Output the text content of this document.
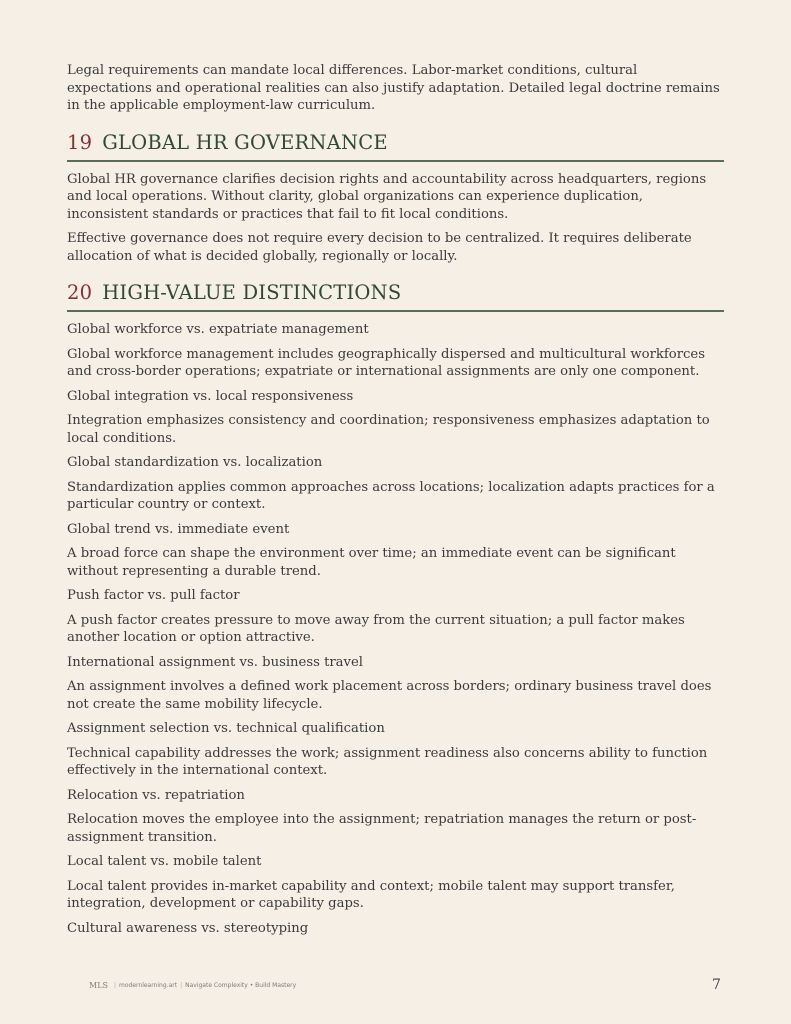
Legal requirements can mandate local differences. Labor-market conditions, cultural expectations and operational realities can also justify adaptation. Detailed legal doctrine remains in the applicable employment-law curriculum.

19 GLOBAL HR GOVERNANCE

Global HR governance clarifies decision rights and accountability across headquarters, regions and local operations. Without clarity, global organizations can experience duplication, inconsistent standards or practices that fail to fit local conditions.

Effective governance does not require every decision to be centralized. It requires deliberate allocation of what is decided globally, regionally or locally.

20 HIGH-VALUE DISTINCTIONS

Global workforce vs. expatriate management

Global workforce management includes geographically dispersed and multicultural workforces and cross-border operations; expatriate or international assignments are only one component.

Global integration vs. local responsiveness

Integration emphasizes consistency and coordination; responsiveness emphasizes adaptation to local conditions.

Global standardization vs. localization

Standardization applies common approaches across locations; localization adapts practices for a particular country or context.

Global trend vs. immediate event

A broad force can shape the environment over time; an immediate event can be significant without representing a durable trend.

Push factor vs. pull factor

A push factor creates pressure to move away from the current situation; a pull factor makes another location or option attractive.

International assignment vs. business travel

An assignment involves a defined work placement across borders; ordinary business travel does not create the same mobility lifecycle.

Assignment selection vs. technical qualification

Technical capability addresses the work; assignment readiness also concerns ability to function effectively in the international context.

Relocation vs. repatriation

Relocation moves the employee into the assignment; repatriation manages the return or post-assignment transition.

Local talent vs. mobile talent

Local talent provides in-market capability and context; mobile talent may support transfer, integration, development or capability gaps.

Cultural awareness vs. stereotyping

MLS | modernlearning.art | Navigate Complexity • Build Mastery	7
